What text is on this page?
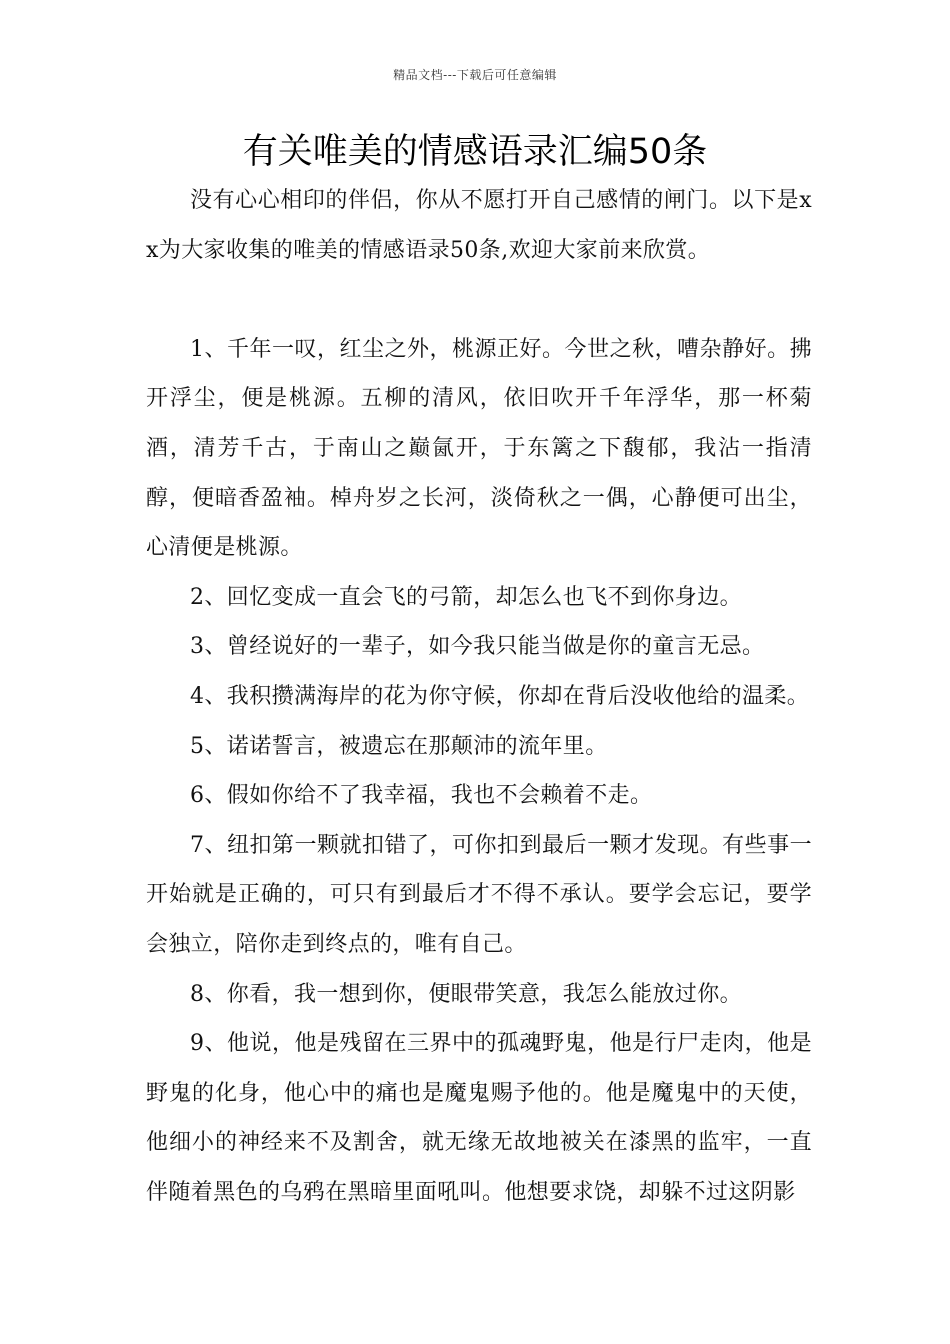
精品文档---下载后可任意编辑
有关唯美的情感语录汇编50条

没有心心相印的伴侣，你从不愿打开自己感情的闸门。以下是xx为大家收集的唯美的情感语录50条,欢迎大家前来欣赏。

1、千年一叹，红尘之外，桃源正好。今世之秋，嘈杂静好。拂开浮尘，便是桃源。五柳的清风，依旧吹开千年浮华，那一杯菊酒，清芳千古，于南山之巅氤开，于东篱之下馥郁，我沾一指清醇，便暗香盈袖。棹舟岁之长河，淡倚秋之一偶，心静便可出尘，心清便是桃源。

2、回忆变成一直会飞的弓箭，却怎么也飞不到你身边。

3、曾经说好的一辈子，如今我只能当做是你的童言无忌。

4、我积攒满海岸的花为你守候，你却在背后没收他给的温柔。

5、诺诺誓言，被遗忘在那颠沛的流年里。

6、假如你给不了我幸福，我也不会赖着不走。

7、纽扣第一颗就扣错了，可你扣到最后一颗才发现。有些事一开始就是正确的，可只有到最后才不得不承认。要学会忘记，要学会独立，陪你走到终点的，唯有自己。

8、你看，我一想到你，便眼带笑意，我怎么能放过你。

9、他说，他是残留在三界中的孤魂野鬼，他是行尸走肉，他是野鬼的化身，他心中的痛也是魔鬼赐予他的。他是魔鬼中的天使，他细小的神经来不及割舍，就无缘无故地被关在漆黑的监牢，一直伴随着黑色的乌鸦在黑暗里面吼叫。他想要求饶，却躲不过这阴影
